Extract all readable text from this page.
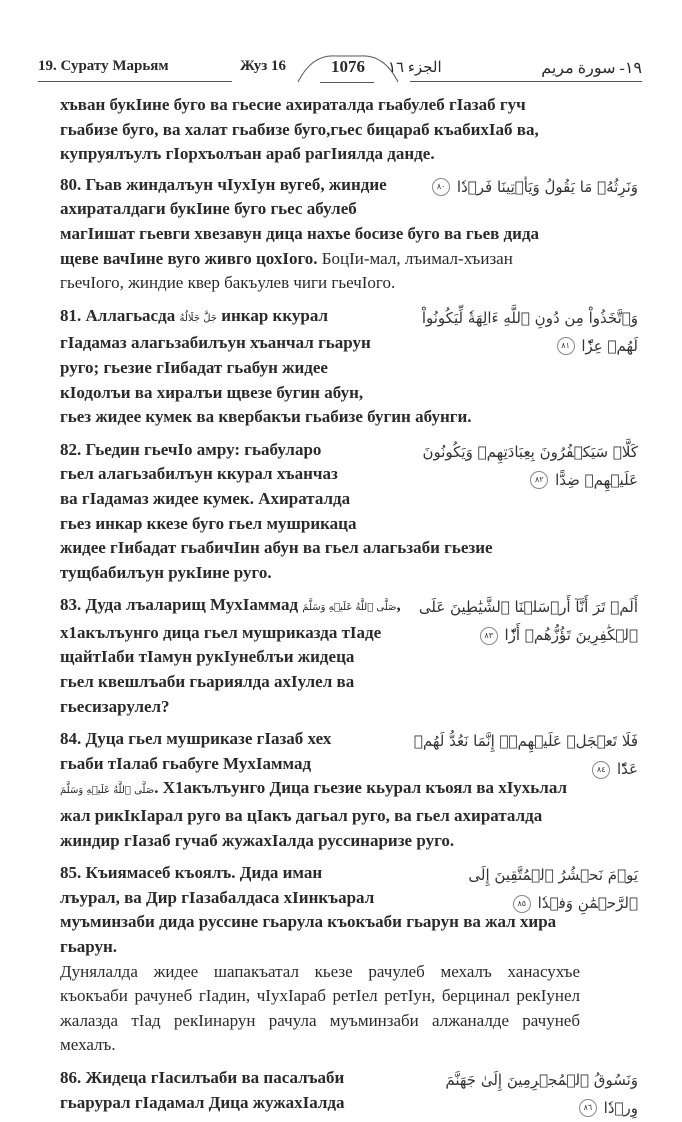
19. Сурату Марьям	Жуз 16	1076	الجزء ١٦	١٩- سورة مريم

хъван букIине буго ва гьесие ахираталда гьабулеб гIазаб гуч гьабизе буго, ва халат гьабизе буго,гьес бицараб къабихIаб ва, купруялъулъ гIорхъолъан араб рагIиялда данде.

وَنَرِثُهُۥ مَا يَقُولُ وَيَأۡتِينَا فَرۡدٗا ٨٠

80. Гьав жиндалъун чIухIун вугеб, жиндие
ахираталдаги букIине буго гьес абулеб

магIишат гьевги хвезавун дица нахъе босизе буго ва гьев дида щеве вачIине вуго живго цохIого. БоцIи-мал, лъимал-хъизан гьечIого, жиндие квер бакъулев чиги гьечIого.

وَٱتَّخَذُواْ مِن دُونِ ٱللَّهِ ءَالِهَةٗ لِّيَكُونُواْ لَهُمۡ عِزّٗا ٨١

81. Аллагьасда جَلَّ جَلَالُهُ инкар ккурал
гIадамаз алагьзабилъун хъанчал гьарун
руго; гьезие гIибадат гьабун жидее
кIодолъи ва хиралъи щвезе бугин абун,

гьез жидее кумек ва квербакъи гьабизе бугин абунги.

كَلَّاۚ سَيَكۡفُرُونَ بِعِبَادَتِهِمۡ وَيَكُونُونَ عَلَيۡهِمۡ ضِدًّا ٨٢

82. Гьедин гьечIо амру: гьабуларо
гьел алагьзабилъун ккурал хъанчаз
ва гIадамаз жидее кумек. Ахираталда
гьез инкар ккезе буго гьел мушрикаца

жидее гIибадат гьабичIин абун ва гьел алагьзаби гьезие тущбабилъун рукIине руго.

أَلَمۡ تَرَ أَنَّآ أَرۡسَلۡنَا ٱلشَّيَٰطِينَ عَلَى ٱلۡكَٰفِرِينَ تَؤُزُّهُمۡ أَزّٗا ٨٣

83. Дуда лъаларищ МухIаммад صَلَّى ٱللَّهُ عَلَيۡهِ وَسَلَّمَ,
х1акълъунго дица гьел мушриказда тIаде
щайтIаби тIамун рукIунеблъи жидеца
гьел квешлъаби гьариялда ахIулел ва
гьесизарулел?

فَلَا تَعۡجَلۡ عَلَيۡهِمۡۖ إِنَّمَا نَعُدُّ لَهُمۡ عَدّٗا ٨٤

84. Дуца гьел мушриказе гIазаб хех
гьаби тIалаб гьабуге МухIаммад

صَلَّى ٱللَّهُ عَلَيۡهِ وَسَلَّمَ. Х1акълъунго Дица гьезие кьурал къоял ва хIухьлал жал рикIкIарал руго ва цIакъ дагьал руго, ва гьел ахираталда жиндир гIазаб гучаб жужахIалда руссинаризе руго.

يَوۡمَ نَحۡشُرُ ٱلۡمُتَّقِينَ إِلَى ٱلرَّحۡمَٰنِ وَفۡدٗا ٨٥

85. Къиямасеб къоялъ. Дида иман
лъурал, ва Дир гIазабалдаса хIинкъарал

муъминзаби дида руссине гьарула къокъаби гьарун ва жал хира гьарун.

Дунялалда жидее шапакъатал кьезе рачулеб мехалъ ханасухъе къокъаби рачунеб гIадин, чIухIараб ретIел ретIун, берцинал рекIунел жалазда тIад рекIинарун рачула муъминзаби алжаналде рачунеб мехалъ.

وَنَسُوقُ ٱلۡمُجۡرِمِينَ إِلَىٰ جَهَنَّمَ وِرۡدٗا ٨٦

86. Жидеца гIасилъаби ва пасалъаби
гьарурал гIадамал Дица жужахIалда
